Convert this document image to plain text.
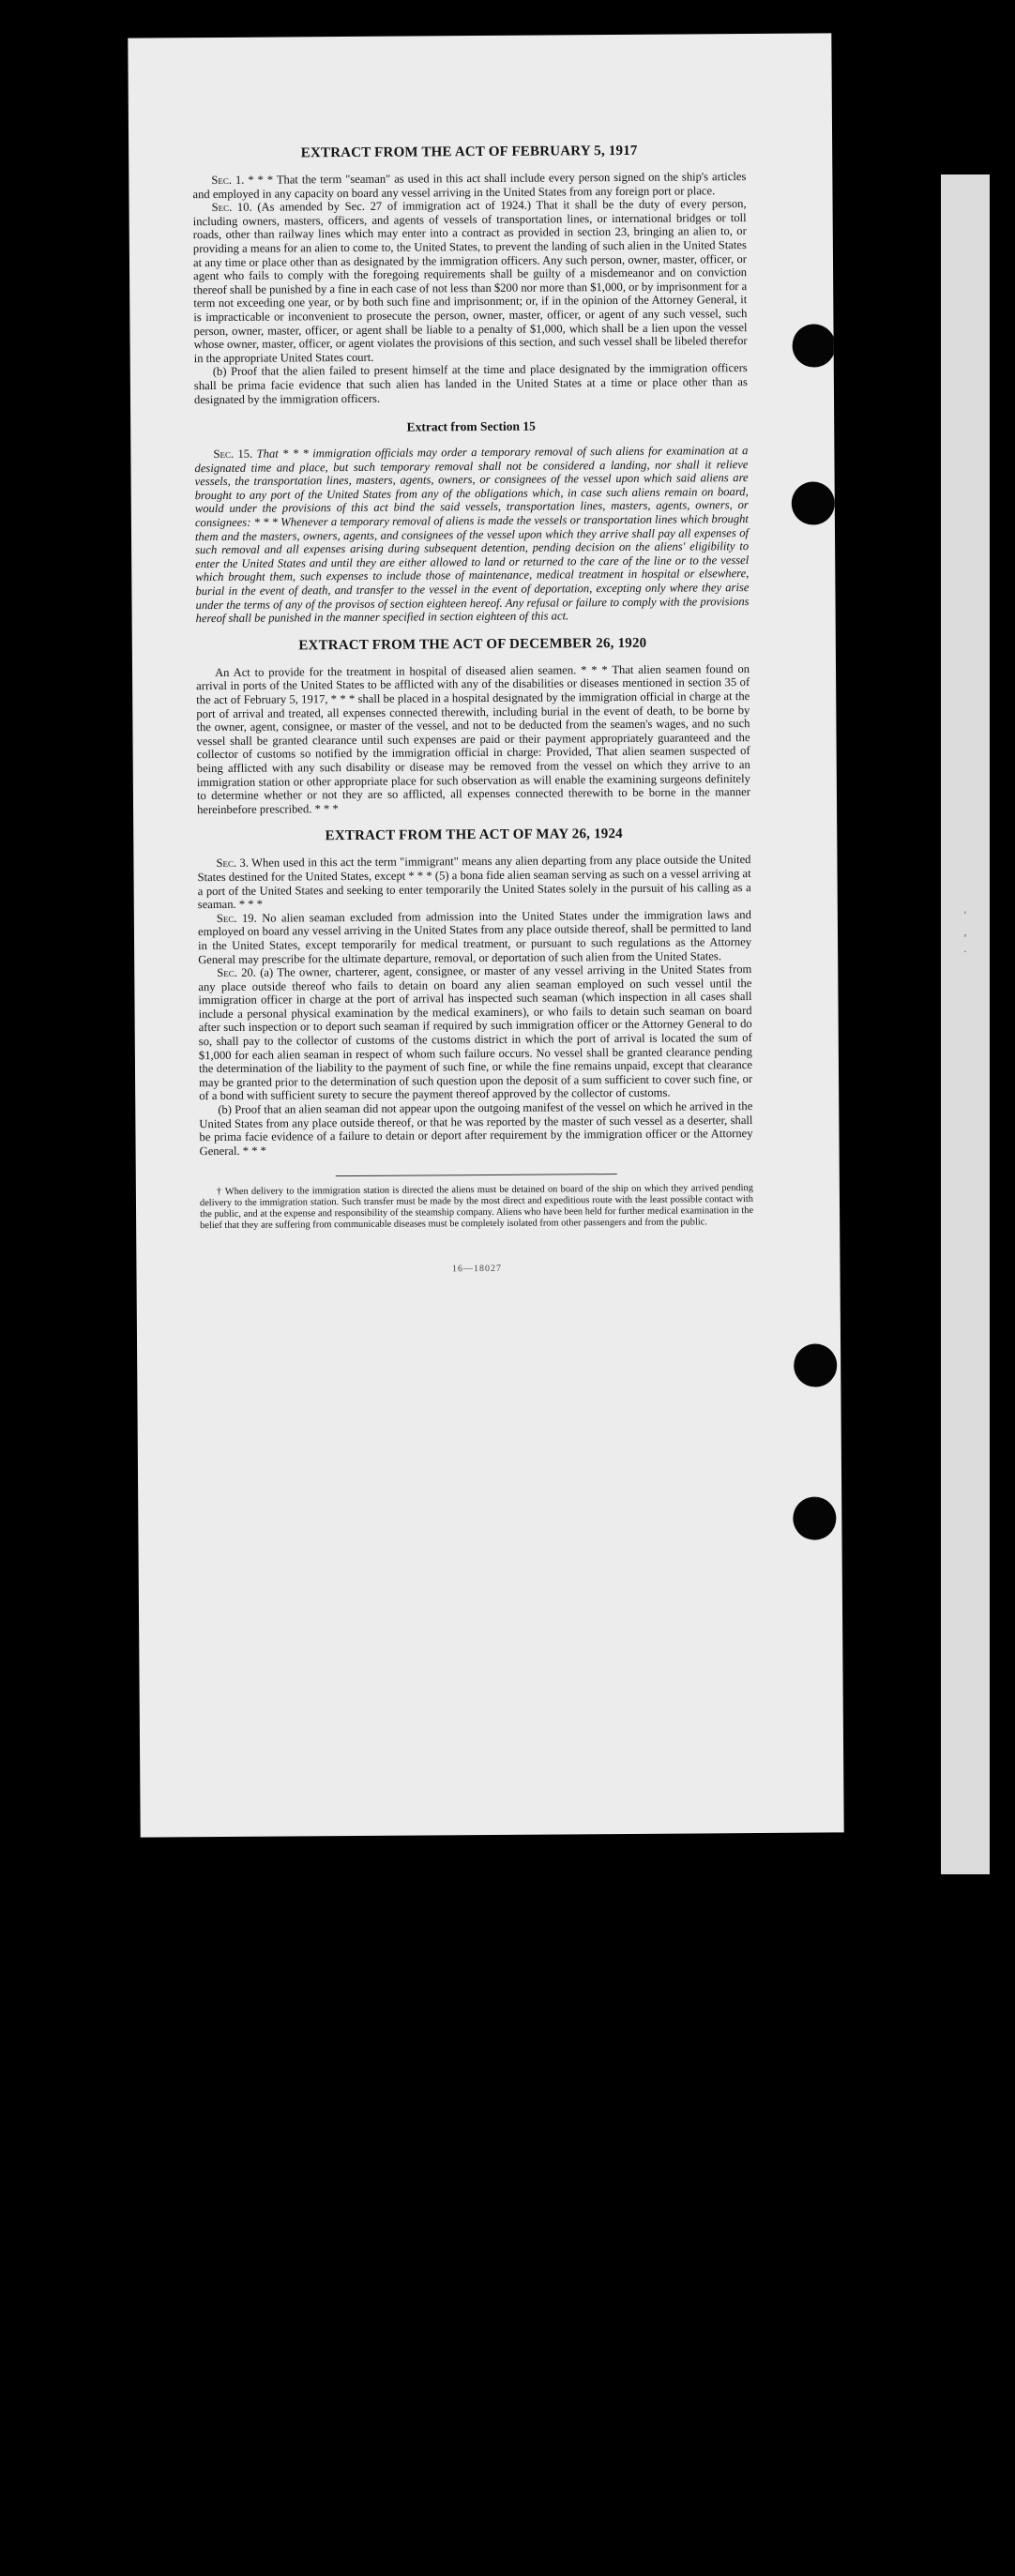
EXTRACT FROM THE ACT OF FEBRUARY 5, 1917

Sec. 1. * * * That the term "seaman" as used in this act shall include every person signed on the ship's articles and employed in any capacity on board any vessel arriving in the United States from any foreign port or place.

Sec. 10. (As amended by Sec. 27 of immigration act of 1924.) That it shall be the duty of every person, including owners, masters, officers, and agents of vessels of transportation lines, or international bridges or toll roads, other than railway lines which may enter into a contract as provided in section 23, bringing an alien to, or providing a means for an alien to come to, the United States, to prevent the landing of such alien in the United States at any time or place other than as designated by the immigration officers. Any such person, owner, master, officer, or agent who fails to comply with the foregoing requirements shall be guilty of a misdemeanor and on conviction thereof shall be punished by a fine in each case of not less than $200 nor more than $1,000, or by imprisonment for a term not exceeding one year, or by both such fine and imprisonment; or, if in the opinion of the Attorney General, it is impracticable or inconvenient to prosecute the person, owner, master, officer, or agent of any such vessel, such person, owner, master, officer, or agent shall be liable to a penalty of $1,000, which shall be a lien upon the vessel whose owner, master, officer, or agent violates the provisions of this section, and such vessel shall be libeled therefor in the appropriate United States court.

(b) Proof that the alien failed to present himself at the time and place designated by the immigration officers shall be prima facie evidence that such alien has landed in the United States at a time or place other than as designated by the immigration officers.

Extract from Section 15

Sec. 15. That * * * immigration officials may order a temporary removal of such aliens for examination at a designated time and place, but such temporary removal shall not be considered a landing, nor shall it relieve vessels, the transportation lines, masters, agents, owners, or consignees of the vessel upon which said aliens are brought to any port of the United States from any of the obligations which, in case such aliens remain on board, would under the provisions of this act bind the said vessels, transportation lines, masters, agents, owners, or consignees: * * * Whenever a temporary removal of aliens is made the vessels or transportation lines which brought them and the masters, owners, agents, and consignees of the vessel upon which they arrive shall pay all expenses of such removal and all expenses arising during subsequent detention, pending decision on the aliens' eligibility to enter the United States and until they are either allowed to land or returned to the care of the line or to the vessel which brought them, such expenses to include those of maintenance, medical treatment in hospital or elsewhere, burial in the event of death, and transfer to the vessel in the event of deportation, excepting only where they arise under the terms of any of the provisos of section eighteen hereof. Any refusal or failure to comply with the provisions hereof shall be punished in the manner specified in section eighteen of this act.

EXTRACT FROM THE ACT OF DECEMBER 26, 1920

An Act to provide for the treatment in hospital of diseased alien seamen. * * * That alien seamen found on arrival in ports of the United States to be afflicted with any of the disabilities or diseases mentioned in section 35 of the act of February 5, 1917, * * * shall be placed in a hospital designated by the immigration official in charge at the port of arrival and treated, all expenses connected therewith, including burial in the event of death, to be borne by the owner, agent, consignee, or master of the vessel, and not to be deducted from the seamen's wages, and no such vessel shall be granted clearance until such expenses are paid or their payment appropriately guaranteed and the collector of customs so notified by the immigration official in charge: Provided, That alien seamen suspected of being afflicted with any such disability or disease may be removed from the vessel on which they arrive to an immigration station or other appropriate place for such observation as will enable the examining surgeons definitely to determine whether or not they are so afflicted, all expenses connected therewith to be borne in the manner hereinbefore prescribed. * * *

EXTRACT FROM THE ACT OF MAY 26, 1924

Sec. 3. When used in this act the term "immigrant" means any alien departing from any place outside the United States destined for the United States, except * * * (5) a bona fide alien seaman serving as such on a vessel arriving at a port of the United States and seeking to enter temporarily the United States solely in the pursuit of his calling as a seaman. * * *

Sec. 19. No alien seaman excluded from admission into the United States under the immigration laws and employed on board any vessel arriving in the United States from any place outside thereof, shall be permitted to land in the United States, except temporarily for medical treatment, or pursuant to such regulations as the Attorney General may prescribe for the ultimate departure, removal, or deportation of such alien from the United States.

Sec. 20. (a) The owner, charterer, agent, consignee, or master of any vessel arriving in the United States from any place outside thereof who fails to detain on board any alien seaman employed on such vessel until the immigration officer in charge at the port of arrival has inspected such seaman (which inspection in all cases shall include a personal physical examination by the medical examiners), or who fails to detain such seaman on board after such inspection or to deport such seaman if required by such immigration officer or the Attorney General to do so, shall pay to the collector of customs of the customs district in which the port of arrival is located the sum of $1,000 for each alien seaman in respect of whom such failure occurs. No vessel shall be granted clearance pending the determination of the liability to the payment of such fine, or while the fine remains unpaid, except that clearance may be granted prior to the determination of such question upon the deposit of a sum sufficient to cover such fine, or of a bond with sufficient surety to secure the payment thereof approved by the collector of customs.

(b) Proof that an alien seaman did not appear upon the outgoing manifest of the vessel on which he arrived in the United States from any place outside thereof, or that he was reported by the master of such vessel as a deserter, shall be prima facie evidence of a failure to detain or deport after requirement by the immigration officer or the Attorney General. * * *

† When delivery to the immigration station is directed the aliens must be detained on board of the ship on which they arrived pending delivery to the immigration station. Such transfer must be made by the most direct and expeditious route with the least possible contact with the public, and at the expense and responsibility of the steamship company. Aliens who have been held for further medical examination in the belief that they are suffering from communicable diseases must be completely isolated from other passengers and from the public.

16—18027
'
,
.
